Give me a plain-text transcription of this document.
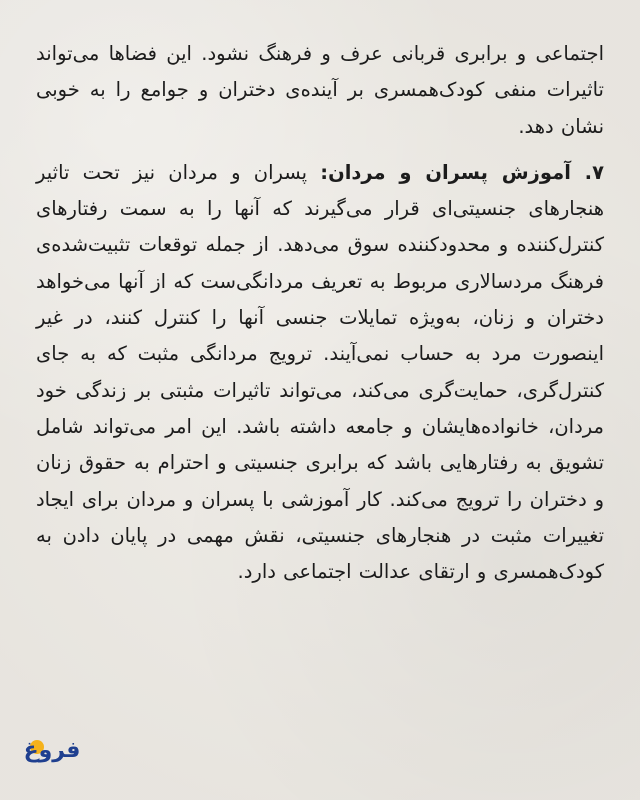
اجتماعی و برابری قربانی عرف و فرهنگ نشود. این فضاها می‌تواند تاثیرات منفی کودک‌همسری بر آینده‌ی دختران و جوامع را به خوبی نشان دهد.

۷. آموزش پسران و مردان: پسران و مردان نیز تحت تاثیر هنجارهای جنسیتی‌ای قرار می‌گیرند که آنها را به سمت رفتارهای کنترل‌کننده و محدودکننده سوق می‌دهد. از جمله توقعات تثبیت‌شده‌ی فرهنگ مردسالاری مربوط به تعریف مردانگی‌ست که از آنها می‌خواهد دختران و زنان، به‌ویژه تمایلات جنسی آنها را کنترل کنند، در غیر اینصورت مرد به حساب نمی‌آیند. ترویج مردانگی مثبت که به جای کنترل‌گری، حمایت‌گری می‌کند، می‌تواند تاثیرات مثبتی بر زندگی خود مردان، خانواده‌هایشان و جامعه داشته باشد. این امر می‌تواند شامل تشویق به رفتارهایی باشد که برابری جنسیتی و احترام به حقوق زنان و دختران را ترویج می‌کند. کار آموزشی با پسران و مردان برای ایجاد تغییرات مثبت در هنجارهای جنسیتی، نقش مهمی در پایان دادن به کودک‌همسری و ارتقای عدالت اجتماعی دارد.

فروغ
